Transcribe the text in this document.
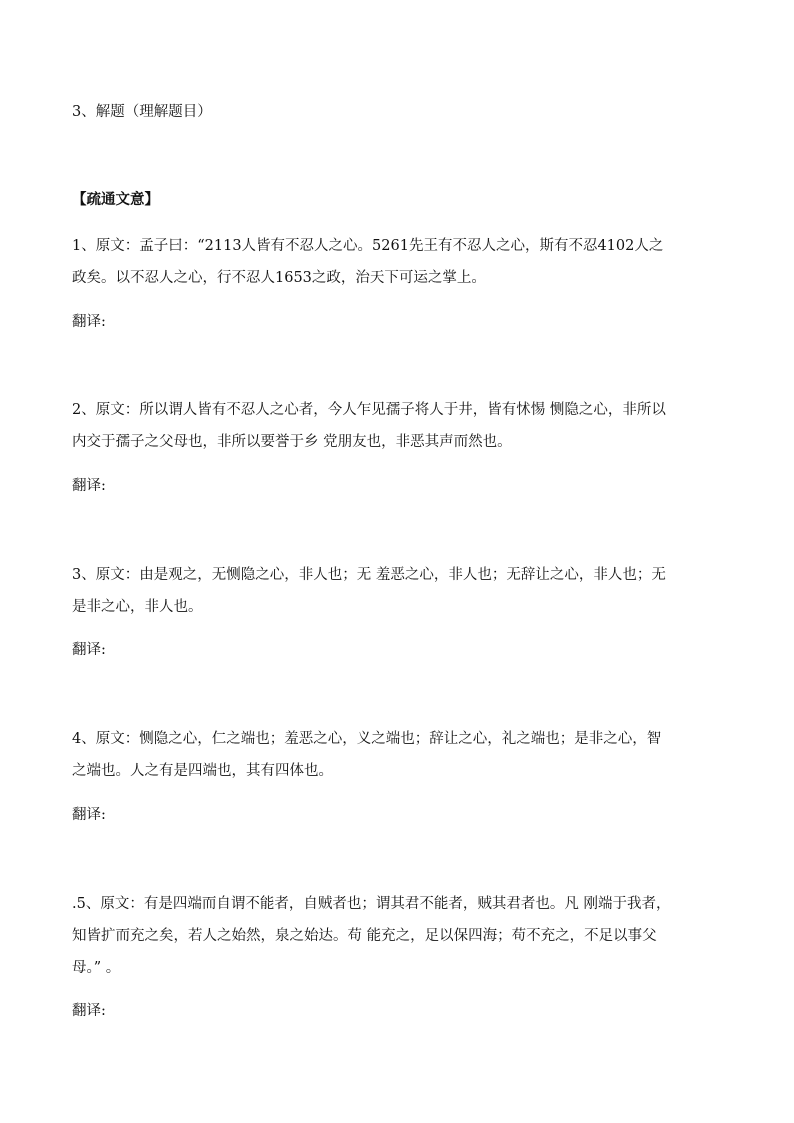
3、解题（理解题目）
【疏通文意】
1、原文：孟子曰：“2113人皆有不忍人之心。5261先王有不忍人之心，斯有不忍4102人之
政矣。以不忍人之心，行不忍人1653之政，治天下可运之掌上。
翻译:
2、原文：所以谓人皆有不忍人之心者，今人乍见孺子将人于井，皆有怵惕 恻隐之心，非所以
内交于孺子之父母也，非所以要誉于乡 党朋友也，非恶其声而然也。
翻译:
3、原文：由是观之，无恻隐之心，非人也；无 羞恶之心，非人也；无辞让之心，非人也；无
是非之心，非人也。
翻译:
4、原文：恻隐之心，仁之端也；羞恶之心，义之端也；辞让之心，礼之端也；是非之心，智
之端也。人之有是四端也，其有四体也。
翻译:
.5、原文：有是四端而自谓不能者，自贼者也；谓其君不能者，贼其君者也。凡 刚端于我者，
知皆扩而充之矣，若人之始然，泉之始达。苟 能充之，足以保四海；苟不充之，不足以事父
母。” 。
翻译:
